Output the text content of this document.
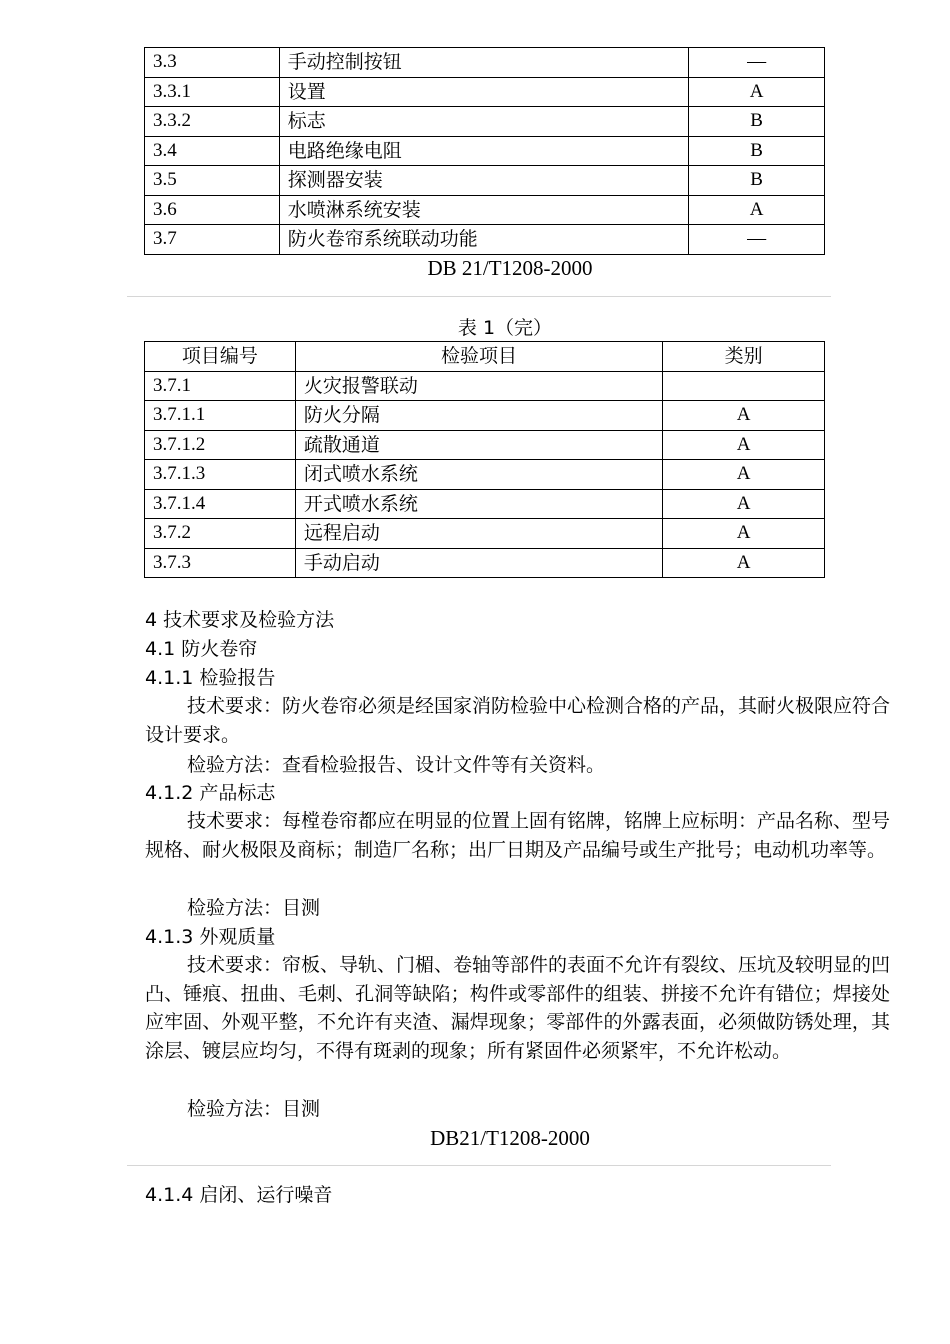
3.3	手动控制按钮	—
3.3.1	设置	A
3.3.2	标志	B
3.4	电路绝缘电阻	B
3.5	探测器安装	B
3.6	水喷淋系统安装	A
3.7	防火卷帘系统联动功能	—
DB 21/T1208-2000
表 1（完）
项目编号	检验项目	类别
3.7.1	火灾报警联动	
3.7.1.1	防火分隔	A
3.7.1.2	疏散通道	A
3.7.1.3	闭式喷水系统	A
3.7.1.4	开式喷水系统	A
3.7.2	远程启动	A
3.7.3	手动启动	A
4 技术要求及检验方法
4.1 防火卷帘
4.1.1 检验报告
技术要求：防火卷帘必须是经国家消防检验中心检测合格的产品，其耐火极限应符合设计要求。
检验方法：查看检验报告、设计文件等有关资料。
4.1.2 产品标志
技术要求：每樘卷帘都应在明显的位置上固有铭牌，铭牌上应标明：产品名称、型号规格、耐火极限及商标；制造厂名称；出厂日期及产品编号或生产批号；电动机功率等。
检验方法：目测
4.1.3 外观质量
技术要求：帘板、导轨、门楣、卷轴等部件的表面不允许有裂纹、压坑及较明显的凹凸、锤痕、扭曲、毛刺、孔洞等缺陷；构件或零部件的组装、拼接不允许有错位；焊接处应牢固、外观平整，不允许有夹渣、漏焊现象；零部件的外露表面，必须做防锈处理，其涂层、镀层应均匀，不得有斑剥的现象；所有紧固件必须紧牢，不允许松动。
检验方法：目测
DB21/T1208-2000
4.1.4 启闭、运行噪音
